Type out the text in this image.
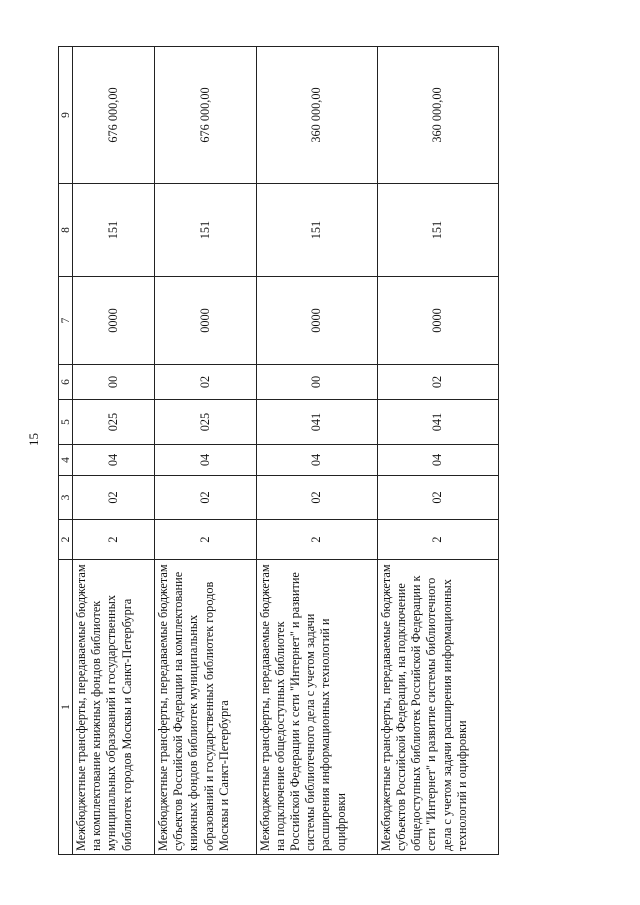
15
1	2	3	4	5	6	7	8	9
Межбюджетные трансферты, передаваемые бюджетам на комплектование книжных фондов библиотек муниципальных образований и государственных библиотек городов Москвы и Санкт-Петербурга	2	02	04	025	00	0000	151	676 000,00
Межбюджетные трансферты, передаваемые бюджетам субъектов Российской Федерации на комплектование книжных фондов библиотек муниципальных образований и государственных библиотек городов Москвы и Санкт-Петербурга	2	02	04	025	02	0000	151	676 000,00
Межбюджетные трансферты, передаваемые бюджетам на подключение общедоступных библиотек Российской Федерации к сети "Интернет" и развитие системы библиотечного дела с учетом задачи расширения информационных технологий и оцифровки	2	02	04	041	00	0000	151	360 000,00
Межбюджетные трансферты, передаваемые бюджетам субъектов Российской Федерации, на подключение общедоступных библиотек Российской Федерации к сети "Интернет" и развитие системы библиотечного дела с учетом задачи расширения информационных технологий и оцифровки	2	02	04	041	02	0000	151	360 000,00
